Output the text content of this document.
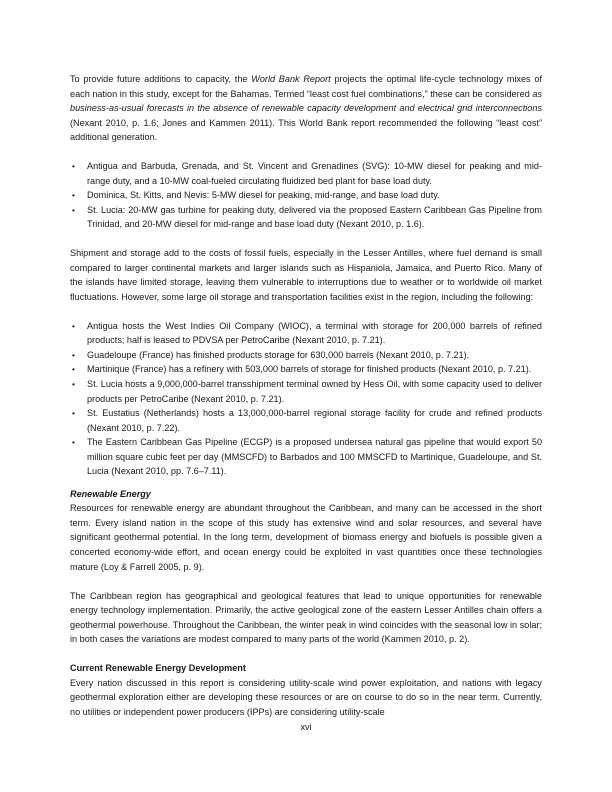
To provide future additions to capacity, the World Bank Report projects the optimal life-cycle technology mixes of each nation in this study, except for the Bahamas. Termed “least cost fuel combinations,” these can be considered as business-as-usual forecasts in the absence of renewable capacity development and electrical grid interconnections (Nexant 2010, p. 1.6; Jones and Kammen 2011). This World Bank report recommended the following “least cost” additional generation.

• Antigua and Barbuda, Grenada, and St. Vincent and Grenadines (SVG): 10-MW diesel for peaking and mid-range duty, and a 10-MW coal-fueled circulating fluidized bed plant for base load duty.
• Dominica, St. Kitts, and Nevis: 5-MW diesel for peaking, mid-range, and base load duty.
• St. Lucia: 20-MW gas turbine for peaking duty, delivered via the proposed Eastern Caribbean Gas Pipeline from Trinidad, and 20-MW diesel for mid-range and base load duty (Nexant 2010, p. 1.6).

Shipment and storage add to the costs of fossil fuels, especially in the Lesser Antilles, where fuel demand is small compared to larger continental markets and larger islands such as Hispaniola, Jamaica, and Puerto Rico. Many of the islands have limited storage, leaving them vulnerable to interruptions due to weather or to worldwide oil market fluctuations. However, some large oil storage and transportation facilities exist in the region, including the following:

• Antigua hosts the West Indies Oil Company (WIOC), a terminal with storage for 200,000 barrels of refined products; half is leased to PDVSA per PetroCaribe (Nexant 2010, p. 7.21).
• Guadeloupe (France) has finished products storage for 630,000 barrels (Nexant 2010, p. 7.21).
• Martinique (France) has a refinery with 503,000 barrels of storage for finished products (Nexant 2010, p. 7.21).
• St. Lucia hosts a 9,000,000-barrel transshipment terminal owned by Hess Oil, with some capacity used to deliver products per PetroCaribe (Nexant 2010, p. 7.21).
• St. Eustatius (Netherlands) hosts a 13,000,000-barrel regional storage facility for crude and refined products (Nexant 2010, p. 7.22).
• The Eastern Caribbean Gas Pipeline (ECGP) is a proposed undersea natural gas pipeline that would export 50 million square cubic feet per day (MMSCFD) to Barbados and 100 MMSCFD to Martinique, Guadeloupe, and St. Lucia (Nexant 2010, pp. 7.6–7.11).
Renewable Energy

Resources for renewable energy are abundant throughout the Caribbean, and many can be accessed in the short term. Every island nation in the scope of this study has extensive wind and solar resources, and several have significant geothermal potential. In the long term, development of biomass energy and biofuels is possible given a concerted economy-wide effort, and ocean energy could be exploited in vast quantities once these technologies mature (Loy & Farrell 2005, p. 9).

The Caribbean region has geographical and geological features that lead to unique opportunities for renewable energy technology implementation. Primarily, the active geological zone of the eastern Lesser Antilles chain offers a geothermal powerhouse. Throughout the Caribbean, the winter peak in wind coincides with the seasonal low in solar; in both cases the variations are modest compared to many parts of the world (Kammen 2010, p. 2).

Current Renewable Energy Development

Every nation discussed in this report is considering utility-scale wind power exploitation, and nations with legacy geothermal exploration either are developing these resources or are on course to do so in the near term. Currently, no utilities or independent power producers (IPPs) are considering utility-scale

xvi
